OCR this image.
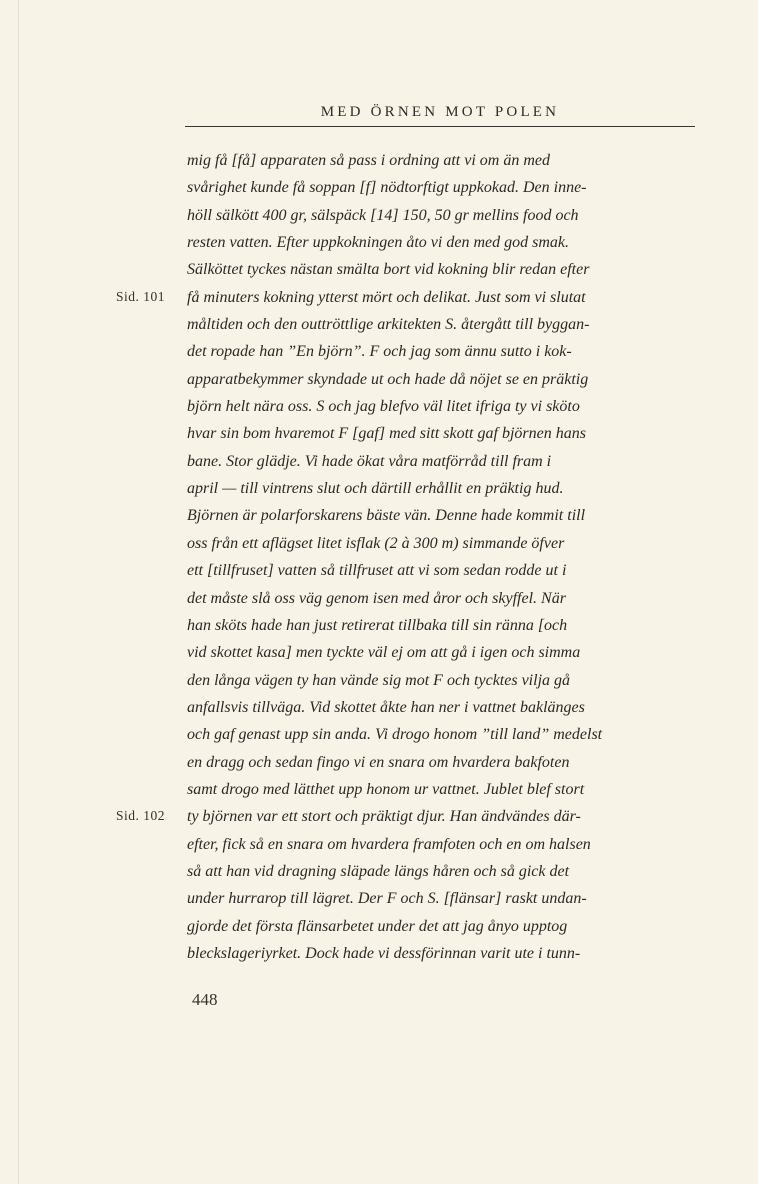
MED ÖRNEN MOT POLEN
mig få [få] apparaten så pass i ordning att vi om än med
svårighet kunde få soppan [f] nödtorftigt uppkokad. Den inne-
höll sälkött 400 gr, sälspäck [14] 150, 50 gr mellins food och
resten vatten. Efter uppkokningen åto vi den med god smak.
Sälköttet tyckes nästan smälta bort vid kokning blir redan efter
få minuters kokning ytterst mört och delikat. Just som vi slutat
måltiden och den outtröttlige arkitekten S. återgått till byggan-
det ropade han ”En björn”. F och jag som ännu sutto i kok-
apparatbekymmer skyndade ut och hade då nöjet se en präktig
björn helt nära oss. S och jag blefvo väl litet ifriga ty vi sköto
hvar sin bom hvaremot F [gaf] med sitt skott gaf björnen hans
bane. Stor glädje. Vi hade ökat våra matförråd till fram i
april — till vintrens slut och därtill erhållit en präktig hud.
Björnen är polarforskarens bäste vän. Denne hade kommit till
oss från ett aflägset litet isflak (2 à 300 m) simmande öfver
ett [tillfruset] vatten så tillfruset att vi som sedan rodde ut i
det måste slå oss väg genom isen med åror och skyffel. När
han sköts hade han just retirerat tillbaka till sin ränna [och
vid skottet kasa] men tyckte väl ej om att gå i igen och simma
den långa vägen ty han vände sig mot F och tycktes vilja gå
anfallsvis tillväga. Vid skottet åkte han ner i vattnet baklänges
och gaf genast upp sin anda. Vi drogo honom ”till land” medelst
en dragg och sedan fingo vi en snara om hvardera bakfoten
samt drogo med lätthet upp honom ur vattnet. Jublet blef stort
ty björnen var ett stort och präktigt djur. Han ändvändes där-
efter, fick så en snara om hvardera framfoten och en om halsen
så att han vid dragning släpade längs håren och så gick det
under hurrarop till lägret. Der F och S. [flänsar] raskt undan-
gjorde det första flänsarbetet under det att jag ånyo upptog
bleckslageriyrket. Dock hade vi dessförinnan varit ute i tunn-
Sid. 101
Sid. 102
448
